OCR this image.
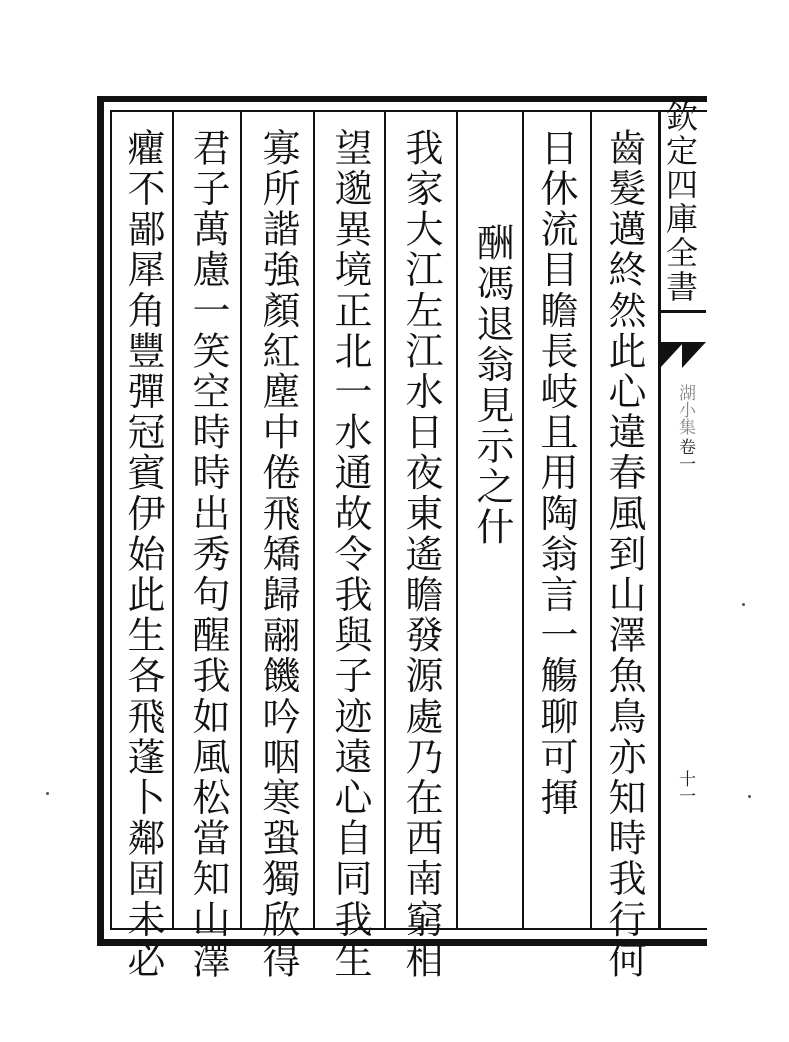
欽定四庫全書
湖小集
卷一
十一
齒髮邁終然此心違春風到山澤魚鳥亦知時我行何
日休流目瞻長岐且用陶翁言一觴聊可揮
酬馮退翁見示之什
我家大江左江水日夜東遙瞻發源處乃在西南窮相
望邈異境正北一水通故令我與子迹遠心自同我生
寡所諧強顏紅塵中倦飛矯歸翮饑吟咽寒蛩獨欣得
君子萬慮一笑空時時出秀句醒我如風松當知山澤
癯不鄙犀角豐彈冠賓伊始此生各飛蓬卜鄰固未必
